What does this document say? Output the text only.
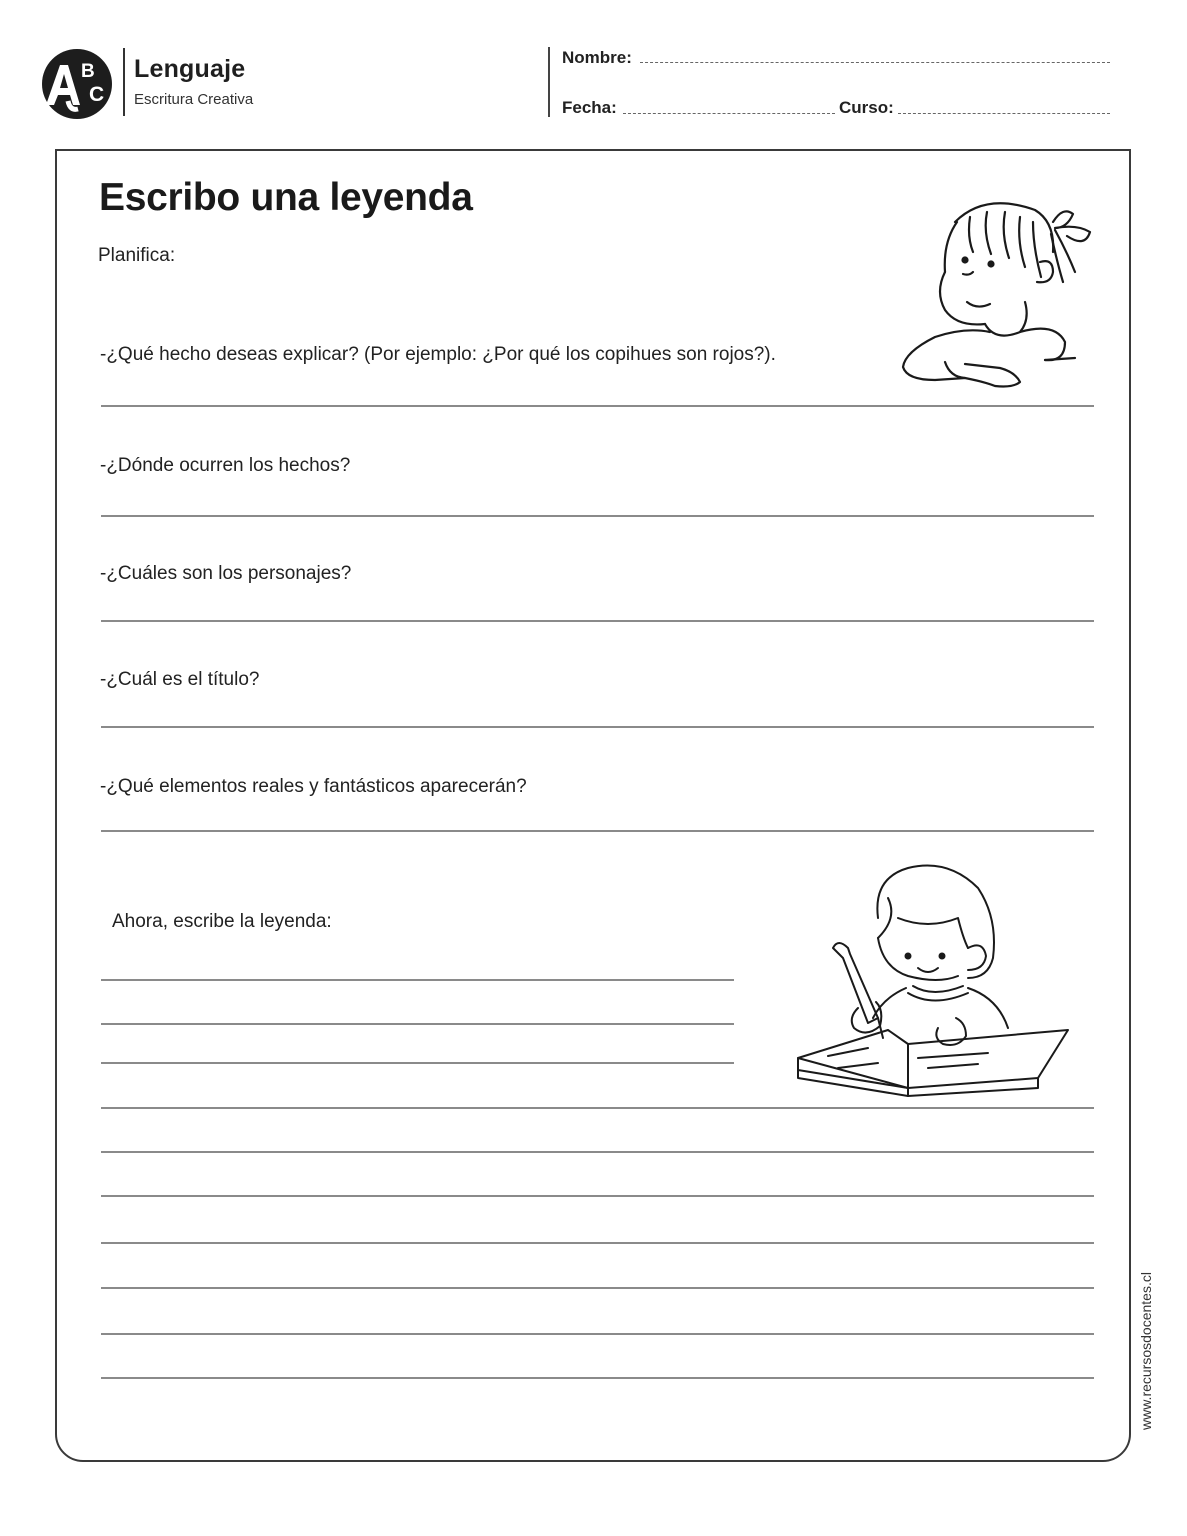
B
C
Lenguaje
Escritura Creativa
Nombre:
Fecha:	Curso:
Escribo una leyenda
Planifica:
-¿Qué hecho deseas explicar? (Por ejemplo: ¿Por qué los copihues son rojos?).
-¿Dónde ocurren los hechos?
-¿Cuáles son los personajes?
-¿Cuál es el título?
-¿Qué elementos reales y fantásticos aparecerán?
Ahora, escribe la leyenda:
www.recursosdocentes.cl
